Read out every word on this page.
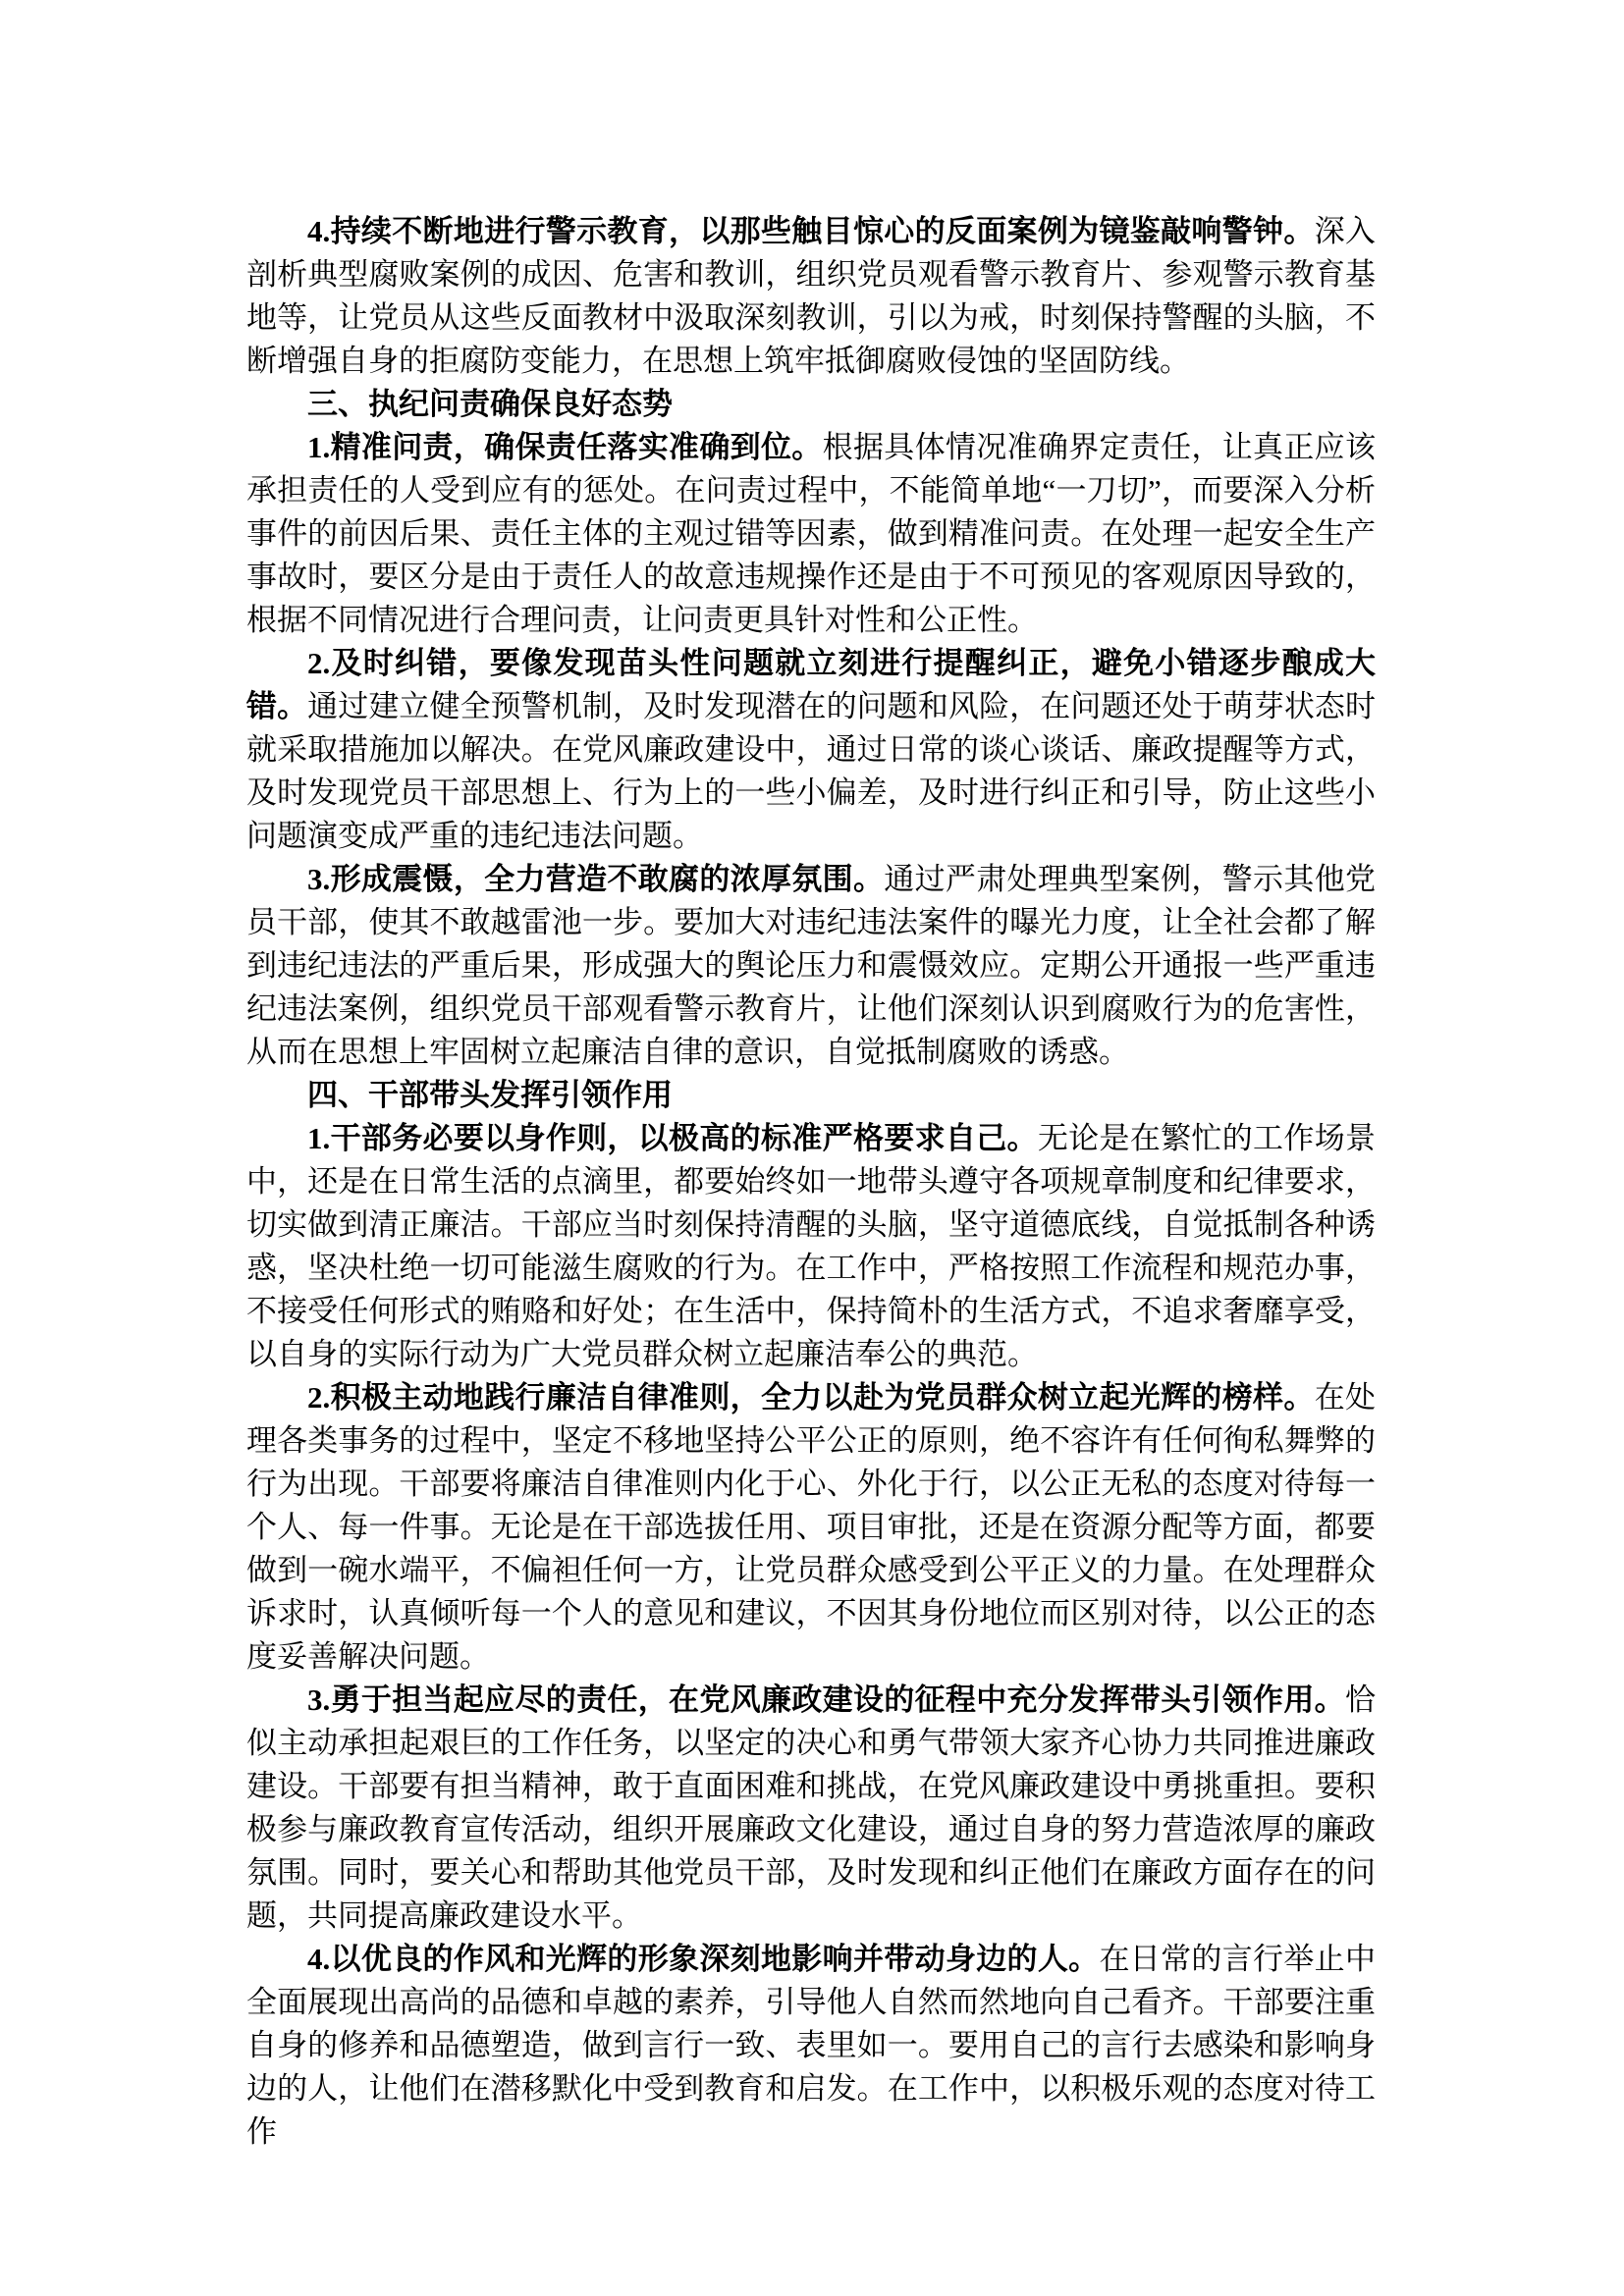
4.持续不断地进行警示教育，以那些触目惊心的反面案例为镜鉴敲响警钟。深入剖析典型腐败案例的成因、危害和教训，组织党员观看警示教育片、参观警示教育基地等，让党员从这些反面教材中汲取深刻教训，引以为戒，时刻保持警醒的头脑，不断增强自身的拒腐防变能力，在思想上筑牢抵御腐败侵蚀的坚固防线。

三、执纪问责确保良好态势

1.精准问责，确保责任落实准确到位。根据具体情况准确界定责任，让真正应该承担责任的人受到应有的惩处。在问责过程中，不能简单地“一刀切”，而要深入分析事件的前因后果、责任主体的主观过错等因素，做到精准问责。在处理一起安全生产事故时，要区分是由于责任人的故意违规操作还是由于不可预见的客观原因导致的，根据不同情况进行合理问责，让问责更具针对性和公正性。

2.及时纠错，要像发现苗头性问题就立刻进行提醒纠正，避免小错逐步酿成大错。通过建立健全预警机制，及时发现潜在的问题和风险，在问题还处于萌芽状态时就采取措施加以解决。在党风廉政建设中，通过日常的谈心谈话、廉政提醒等方式，及时发现党员干部思想上、行为上的一些小偏差，及时进行纠正和引导，防止这些小问题演变成严重的违纪违法问题。

3.形成震慑，全力营造不敢腐的浓厚氛围。通过严肃处理典型案例，警示其他党员干部，使其不敢越雷池一步。要加大对违纪违法案件的曝光力度，让全社会都了解到违纪违法的严重后果，形成强大的舆论压力和震慑效应。定期公开通报一些严重违纪违法案例，组织党员干部观看警示教育片，让他们深刻认识到腐败行为的危害性，从而在思想上牢固树立起廉洁自律的意识，自觉抵制腐败的诱惑。

四、干部带头发挥引领作用

1.干部务必要以身作则，以极高的标准严格要求自己。无论是在繁忙的工作场景中，还是在日常生活的点滴里，都要始终如一地带头遵守各项规章制度和纪律要求，切实做到清正廉洁。干部应当时刻保持清醒的头脑，坚守道德底线，自觉抵制各种诱惑，坚决杜绝一切可能滋生腐败的行为。在工作中，严格按照工作流程和规范办事，不接受任何形式的贿赂和好处；在生活中，保持简朴的生活方式，不追求奢靡享受，以自身的实际行动为广大党员群众树立起廉洁奉公的典范。

2.积极主动地践行廉洁自律准则，全力以赴为党员群众树立起光辉的榜样。在处理各类事务的过程中，坚定不移地坚持公平公正的原则，绝不容许有任何徇私舞弊的行为出现。干部要将廉洁自律准则内化于心、外化于行，以公正无私的态度对待每一个人、每一件事。无论是在干部选拔任用、项目审批，还是在资源分配等方面，都要做到一碗水端平，不偏袒任何一方，让党员群众感受到公平正义的力量。在处理群众诉求时，认真倾听每一个人的意见和建议，不因其身份地位而区别对待，以公正的态度妥善解决问题。

3.勇于担当起应尽的责任，在党风廉政建设的征程中充分发挥带头引领作用。恰似主动承担起艰巨的工作任务，以坚定的决心和勇气带领大家齐心协力共同推进廉政建设。干部要有担当精神，敢于直面困难和挑战，在党风廉政建设中勇挑重担。要积极参与廉政教育宣传活动，组织开展廉政文化建设，通过自身的努力营造浓厚的廉政氛围。同时，要关心和帮助其他党员干部，及时发现和纠正他们在廉政方面存在的问题，共同提高廉政建设水平。

4.以优良的作风和光辉的形象深刻地影响并带动身边的人。在日常的言行举止中全面展现出高尚的品德和卓越的素养，引导他人自然而然地向自己看齐。干部要注重自身的修养和品德塑造，做到言行一致、表里如一。要用自己的言行去感染和影响身边的人，让他们在潜移默化中受到教育和启发。在工作中，以积极乐观的态度对待工作
